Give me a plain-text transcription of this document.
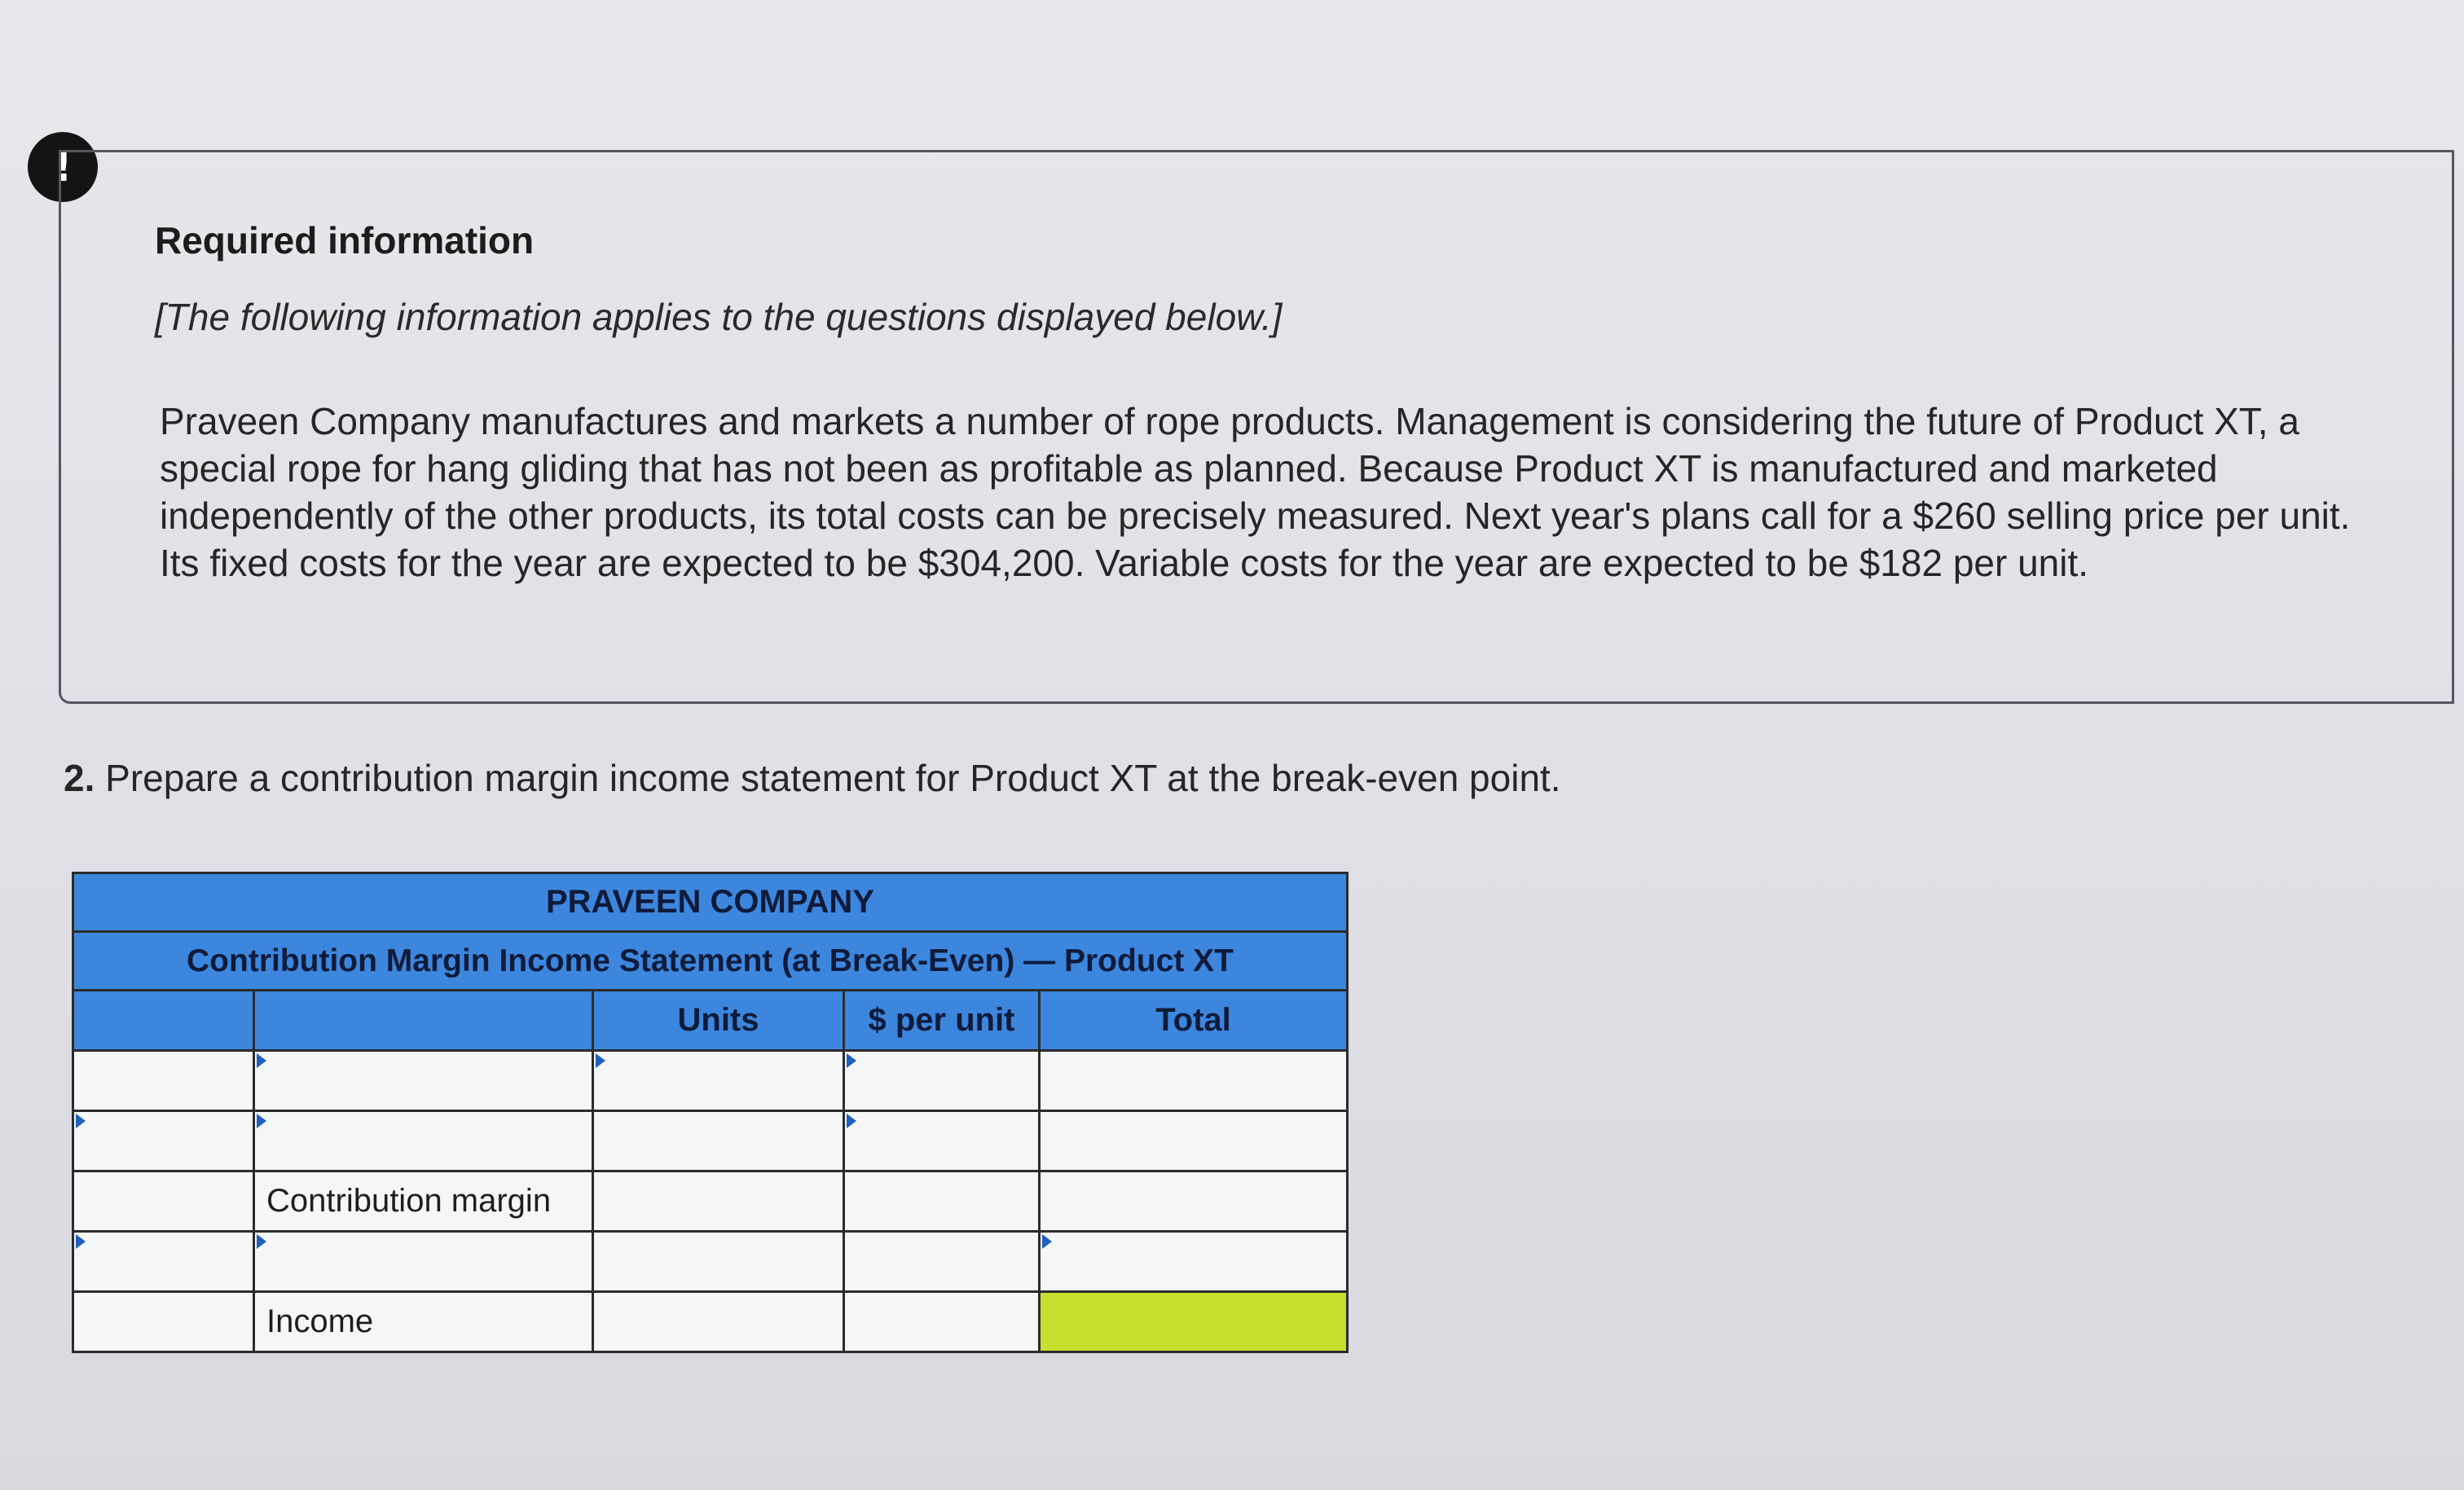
!
Required information
[The following information applies to the questions displayed below.]
Praveen Company manufactures and markets a number of rope products. Management is considering the future of Product XT, a special rope for hang gliding that has not been as profitable as planned. Because Product XT is manufactured and marketed independently of the other products, its total costs can be precisely measured. Next year's plans call for a $260 selling price per unit. Its fixed costs for the year are expected to be $304,200. Variable costs for the year are expected to be $182 per unit.
2. Prepare a contribution margin income statement for Product XT at the break-even point.
PRAVEEN COMPANY				
Contribution Margin Income Statement (at Break-Even) — Product XT				
		Units	$ per unit	Total

	Contribution margin			

	Income			
